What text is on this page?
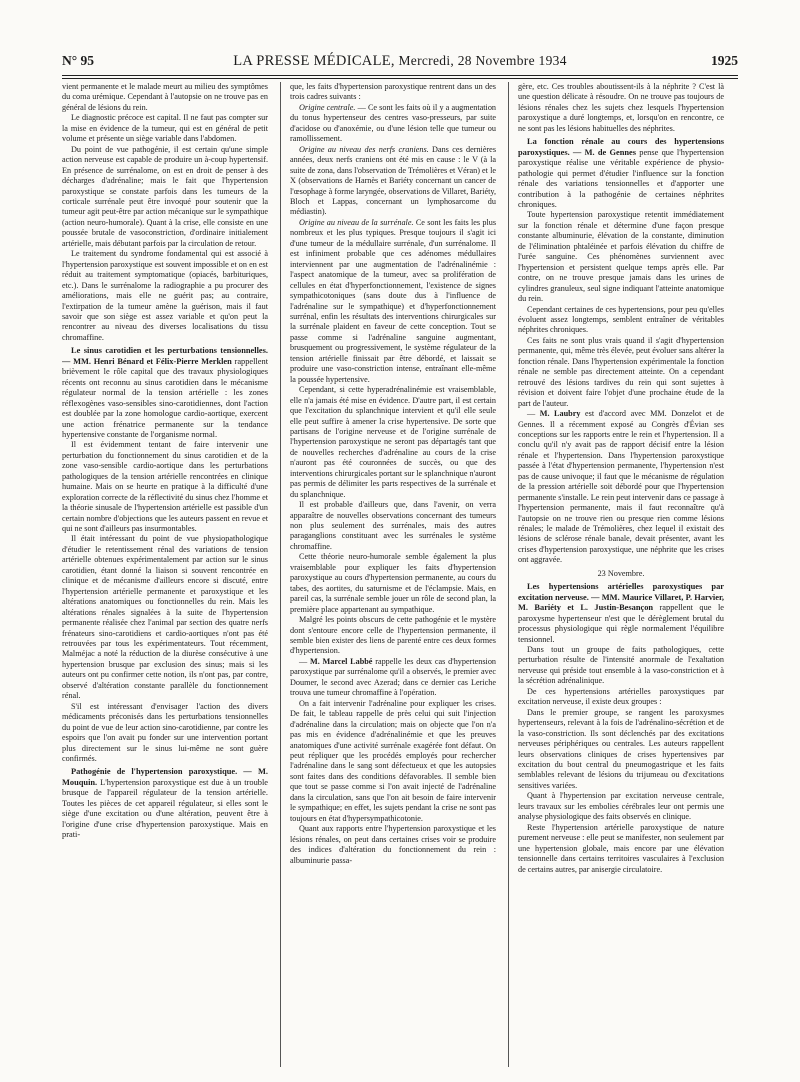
N° 95	LA PRESSE MÉDICALE, Mercredi, 28 Novembre 1934	1925

vient permanente et le malade meurt au milieu des symptômes du coma urémique. Cependant à l'autopsie on ne trouve pas en général de lésions du rein.

Le diagnostic précoce est capital. Il ne faut pas compter sur la mise en évidence de la tumeur, qui est en général de petit volume et présente un siège variable dans l'abdomen.

Du point de vue pathogénie, il est certain qu'une simple action nerveuse est capable de produire un à-coup hypertensif. En présence de surrénalome, on est en droit de penser à des décharges d'adrénaline; mais le fait que l'hypertension paroxystique se constate parfois dans les tumeurs de la corticale surrénale peut être invoqué pour soutenir que la tumeur agit peut-être par action mécanique sur le sympathique (action neuro-humorale). Quant à la crise, elle consiste en une poussée brutale de vasoconstriction, d'ordinaire initialement artérielle, mais débutant parfois par la circulation de retour.

Le traitement du syndrome fondamental qui est associé à l'hypertension paroxystique est souvent impossible et on en est réduit au traitement symptomatique (opiacés, barbituriques, etc.). Dans le surrénalome la radiographie a pu procurer des améliorations, mais elle ne guérit pas; au contraire, l'extirpation de la tumeur amène la guérison, mais il faut savoir que son siège est assez variable et qu'on peut la rencontrer au niveau des diverses localisations du tissu chromaffine.

Le sinus carotidien et les perturbations tensionnelles. — MM. Henri Bénard et Félix-Pierre Merklen rappellent brièvement le rôle capital que des travaux physiologiques récents ont reconnu au sinus carotidien dans le mécanisme régulateur normal de la tension artérielle : les zones réflexogènes vaso-sensibles sino-carotidiennes, dont l'action est doublée par la zone homologue cardio-aortique, exercent une action frénatrice permanente sur la tendance hypertensive constante de l'organisme normal.

Il est évidemment tentant de faire intervenir une perturbation du fonctionnement du sinus carotidien et de la zone vaso-sensible cardio-aortique dans les perturbations pathologiques de la tension artérielle rencontrées en clinique humaine. Mais on se heurte en pratique à la difficulté d'une exploration correcte de la réflectivité du sinus chez l'homme et la théorie sinusale de l'hypertension artérielle est passible d'un certain nombre d'objections que les auteurs passent en revue et qui ne sont d'ailleurs pas insurmontables.

Il était intéressant du point de vue physiopathologique d'étudier le retentissement rénal des variations de tension artérielle obtenues expérimentalement par action sur le sinus carotidien, étant donné la liaison si souvent rencontrée en clinique et de mécanisme d'ailleurs encore si discuté, entre l'hypertension artérielle permanente et paroxystique et les altérations anatomiques ou fonctionnelles du rein. Mais les altérations rénales signalées à la suite de l'hypertension permanente réalisée chez l'animal par section des quatre nerfs frénateurs sino-carotidiens et cardio-aortiques n'ont pas été retrouvées par tous les expérimentateurs. Tout récemment, Malméjac a noté la réduction de la diurèse consécutive à une hypertension brusque par exclusion des sinus; mais si les auteurs ont pu confirmer cette notion, ils n'ont pas, par contre, observé d'altération constante parallèle du fonctionnement rénal.

S'il est intéressant d'envisager l'action des divers médicaments préconisés dans les perturbations tensionnelles du point de vue de leur action sino-carotidienne, par contre les espoirs que l'on avait pu fonder sur une intervention portant plus directement sur le sinus lui-même ne sont guère confirmés.

Pathogénie de l'hypertension paroxystique. — M. Mouquin. L'hypertension paroxystique est due à un trouble brusque de l'appareil régulateur de la tension artérielle. Toutes les pièces de cet appareil régulateur, si elles sont le siège d'une excitation ou d'une altération, peuvent être à l'origine d'une crise d'hypertension paroxystique. Mais en prati-

que, les faits d'hypertension paroxystique rentrent dans un des trois cadres suivants :

Origine centrale. — Ce sont les faits où il y a augmentation du tonus hypertenseur des centres vaso-presseurs, par suite d'acidose ou d'anoxémie, ou d'une lésion telle que tumeur ou ramollissement.

Origine au niveau des nerfs craniens. Dans ces dernières années, deux nerfs craniens ont été mis en cause : le V (à la suite de zona, dans l'observation de Trémolières et Véran) et le X (observations de Harnès et Bariéty concernant un cancer de l'œsophage à forme laryngée, observations de Villaret, Bariéty, Bloch et Lappas, concernant un lymphosarcome du médiastin).

Origine au niveau de la surrénale. Ce sont les faits les plus nombreux et les plus typiques. Presque toujours il s'agit ici d'une tumeur de la médullaire surrénale, d'un surrénalome. Il est infiniment probable que ces adénomes médullaires interviennent par une augmentation de l'adrénalinémie : l'aspect anatomique de la tumeur, avec sa prolifération de cellules en état d'hyperfonctionnement, l'existence de signes sympathicotoniques (sans doute dus à l'influence de l'adrénaline sur le sympathique) et d'hyperfonctionnement surrénal, enfin les résultats des interventions chirurgicales sur la surrénale plaident en faveur de cette conception. Tout se passe comme si l'adrénaline sanguine augmentant, brusquement ou progressivement, le système régulateur de la tension artérielle finissait par être débordé, et laissait se produire une vaso-constriction intense, entraînant elle-même la poussée hypertensive.

Cependant, si cette hyperadrénalinémie est vraisemblable, elle n'a jamais été mise en évidence. D'autre part, il est certain que l'excitation du splanchnique intervient et qu'il elle seule elle peut suffire à amener la crise hypertensive. De sorte que partisans de l'origine nerveuse et de l'origine surrénale de l'hypertension paroxystique ne seront pas départagés tant que de nouvelles recherches d'adrénaline au cours de la crise n'auront pas été couronnées de succès, ou que des interventions chirurgicales portant sur le splanchnique n'auront pas permis de délimiter les parts respectives de la surrénale et du splanchnique.

Il est probable d'ailleurs que, dans l'avenir, on verra apparaître de nouvelles observations concernant des tumeurs non plus seulement des surrénales, mais des autres paraganglions constituant avec les surrénales le système chromaffine.

Cette théorie neuro-humorale semble également la plus vraisemblable pour expliquer les faits d'hypertension paroxystique au cours d'hypertension permanente, au cours du tabes, des aortites, du saturnisme et de l'éclampsie. Mais, en pareil cas, la surrénale semble jouer un rôle de second plan, la première place appartenant au sympathique.

Malgré les points obscurs de cette pathogénie et le mystère dont s'entoure encore celle de l'hypertension permanente, il semble bien exister des liens de parenté entre ces deux formes d'hypertension.

— M. Marcel Labbé rappelle les deux cas d'hypertension paroxystique par surrénalome qu'il a observés, le premier avec Doumer, le second avec Azerad; dans ce dernier cas Leriche trouva une tumeur chromaffine à l'opération.

On a fait intervenir l'adrénaline pour expliquer les crises. De fait, le tableau rappelle de près celui qui suit l'injection d'adrénaline dans la circulation; mais on objecte que l'on n'a pas mis en évidence d'adrénalinémie et que les preuves anatomiques d'une activité surrénale exagérée font défaut. On peut répliquer que les procédés employés pour rechercher l'adrénaline dans le sang sont défectueux et que les autopsies sont faites dans des conditions défavorables. Il semble bien que tout se passe comme si l'on avait injecté de l'adrénaline dans la circulation, sans que l'on ait besoin de faire intervenir le sympathique; en effet, les sujets pendant la crise ne sont pas toujours en état d'hypersympathicotonie.

Quant aux rapports entre l'hypertension paroxystique et les lésions rénales, on peut dans certaines crises voir se produire des indices d'altération du fonctionnement du rein : albuminurie passa-

gère, etc. Ces troubles aboutissent-ils à la néphrite ? C'est là une question délicate à résoudre. On ne trouve pas toujours de lésions rénales chez les sujets chez lesquels l'hypertension paroxystique a duré longtemps, et, lorsqu'on en rencontre, ce ne sont pas les lésions habituelles des néphrites.

La fonction rénale au cours des hypertensions paroxystiques. — M. de Gennes pense que l'hypertension paroxystique réalise une véritable expérience de physio-pathologie qui permet d'étudier l'influence sur la fonction rénale des variations tensionnelles et d'apporter une contribution à la pathogénie de certaines néphrites chroniques.

Toute hypertension paroxystique retentit immédiatement sur la fonction rénale et détermine d'une façon presque constante albuminurie, élévation de la constante, diminution de l'élimination phtaléinée et parfois élévation du chiffre de l'urée sanguine. Ces phénomènes surviennent avec l'hypertension et persistent quelque temps après elle. Par contre, on ne trouve presque jamais dans les urines de cylindres granuleux, seul signe indiquant l'atteinte anatomique du rein.

Cependant certaines de ces hypertensions, pour peu qu'elles évoluent assez longtemps, semblent entraîner de véritables néphrites chroniques.

Ces faits ne sont plus vrais quand il s'agit d'hypertension permanente, qui, même très élevée, peut évoluer sans altérer la fonction rénale. Dans l'hypertension expérimentale la fonction rénale ne semble pas directement atteinte. On a cependant retrouvé des lésions tardives du rein qui sont sujettes à révision et doivent faire l'objet d'une prochaine étude de la part de l'auteur.

— M. Laubry est d'accord avec MM. Donzelot et de Gennes. Il a récemment exposé au Congrès d'Évian ses conceptions sur les rapports entre le rein et l'hypertension. Il a conclu qu'il n'y avait pas de rapport décisif entre la lésion rénale et l'hypertension. Dans l'hypertension paroxystique passée à l'état d'hypertension permanente, l'hypertension n'est pas de cause univoque; il faut que le mécanisme de régulation de la pression artérielle soit débordé pour que l'hypertension permanente s'installe. Le rein peut intervenir dans ce passage à l'hypertension permanente, mais il faut reconnaître qu'à l'autopsie on ne trouve rien ou presque rien comme lésions rénales; le malade de Trémolières, chez lequel il existait des lésions de sclérose rénale banale, devait présenter, avant les crises d'hypertension paroxystique, une néphrite que les crises ont aggravée.

23 Novembre.

Les hypertensions artérielles paroxystiques par excitation nerveuse. — MM. Maurice Villaret, P. Harvier, M. Bariéty et L. Justin-Besançon rappellent que le paroxysme hypertenseur n'est que le dérèglement brutal du processus physiologique qui règle normalement l'équilibre tensionnel.

Dans tout un groupe de faits pathologiques, cette perturbation résulte de l'intensité anormale de l'exaltation nerveuse qui préside tout ensemble à la vaso-constriction et à la sécrétion adrénalinique.

De ces hypertensions artérielles paroxystiques par excitation nerveuse, il existe deux groupes :

Dans le premier groupe, se rangent les paroxysmes hypertenseurs, relevant à la fois de l'adrénalino-sécrétion et de la vaso-constriction. Ils sont déclenchés par des excitations nerveuses périphériques ou centrales. Les auteurs rappellent leurs observations cliniques de crises hypertensives par excitation du bout central du pneumogastrique et les faits semblables relevant de lésions du trijumeau ou d'excitations sensitives variées.

Quant à l'hypertension par excitation nerveuse centrale, leurs travaux sur les embolies cérébrales leur ont permis une analyse physiologique des faits observés en clinique.

Reste l'hypertension artérielle paroxystique de nature purement nerveuse : elle peut se manifester, non seulement par une hypertension globale, mais encore par une élévation tensionnelle dans certains territoires vasculaires à l'exclusion de certains autres, par anisergie circulatoire.
